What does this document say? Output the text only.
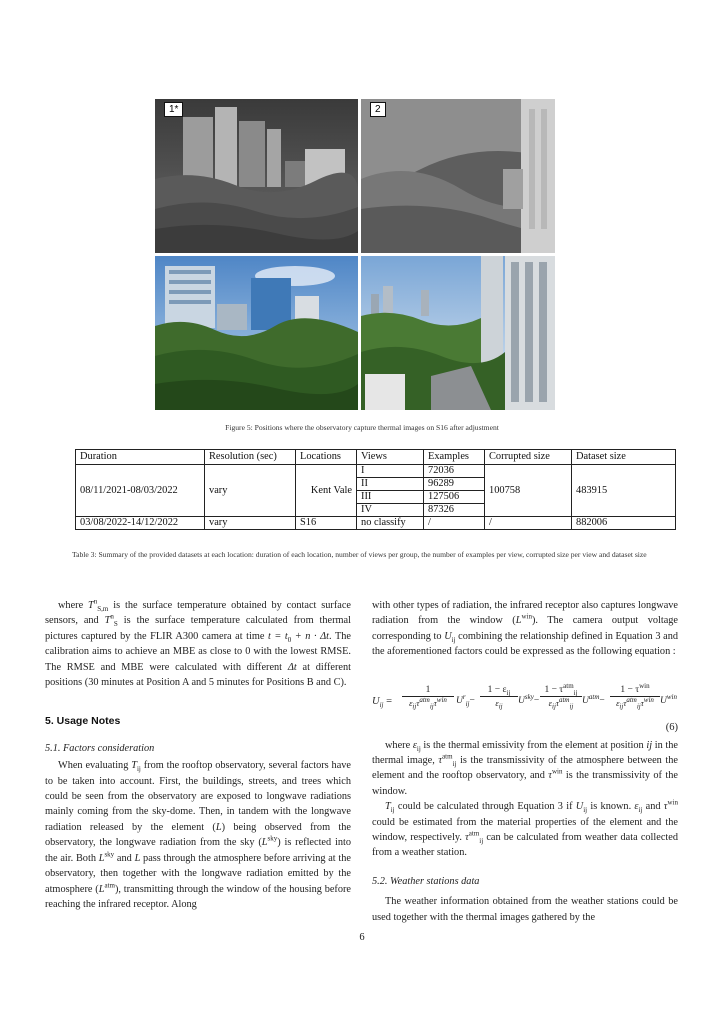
1*	2
Figure 5: Positions where the observatory capture thermal images on S16 after adjustment
Duration	Resolution (sec)	Locations	Views	Examples	Corrupted size	Dataset size
08/11/2021-08/03/2022	vary	Kent Vale	I	72036	100758	483915
			II	96289		
			III	127506		
			IV	87326		
03/08/2022-14/12/2022	vary	S16	no classify	/	/	882006
Table 3: Summary of the provided datasets at each location: duration of each location, number of views per group, the number of examples per view, corrupted size per view and dataset size

where $T^n_{S,m}$ is the surface temperature obtained by contact surface sensors, and $T^n_S$ is the surface temperature calculated from thermal pictures captured by the FLIR A300 camera at time $t = t_0 + n \cdot \Delta t$. The calibration aims to achieve an MBE as close to 0 with the lowest RMSE. The RMSE and MBE were calculated with different Δt at different positions (30 minutes at Position A and 5 minutes for Positions B and C).

5. Usage Notes

5.1. Factors consideration

When evaluating $T_{ij}$ from the rooftop observatory, several factors have to be taken into account. First, the buildings, streets, and trees which could be seen from the observatory are exposed to longwave radiations mainly coming from the sky-dome. Then, in tandem with the longwave radiation released by the element (L) being observed from the observatory, the longwave radiation from the sky $(L^{sky})$ is reflected into the air. Both $L^{sky}$ and L pass through the atmosphere before arriving at the observatory, then together with the longwave radiation emitted by the atmosphere $(L^{atm})$, transmitting through the window of the housing before reaching the infrared receptor. Along

with other types of radiation, the infrared receptor also captures longwave radiation from the window $(L^{win})$. The camera output voltage corresponding to $U_{ij}$ combining the relationship defined in Equation 3 and the aforementioned factors could be expressed as the following equation :

$U_{ij}$ =
1
$\varepsilon_{ij}\tau^{atm}_{ij}\tau^{win}$ $U^r_{ij}-$
$1 - \varepsilon_{ij}$
$\varepsilon_{ij}$
$U^{sky}-$
$1 - \tau^{atm}_{ij}$
$\varepsilon_{ij}\tau^{atm}_{ij}$
$U^{atm}-$
$1 - \tau^{win}$
$\varepsilon_{ij}\tau^{atm}_{ij}\tau^{win}$ $U^{win}$
(6)

where $\varepsilon_{ij}$ is the thermal emissivity from the element at position ij in the thermal image, $\tau^{atm}_{ij}$ is the transmissivity of the atmosphere between the element and the rooftop observatory, and $\tau^{win}$ is the transmissivity of the window.

$T_{ij}$ could be calculated through Equation 3 if $U_{ij}$ is known. $\varepsilon_{ij}$ and $\tau^{win}$ could be estimated from the material properties of the element and the window, respectively. $\tau^{atm}_{ij}$ can be calculated from weather data collected from a weather station.

5.2. Weather stations data

The weather information obtained from the weather stations could be used together with the thermal images gathered by the

6
